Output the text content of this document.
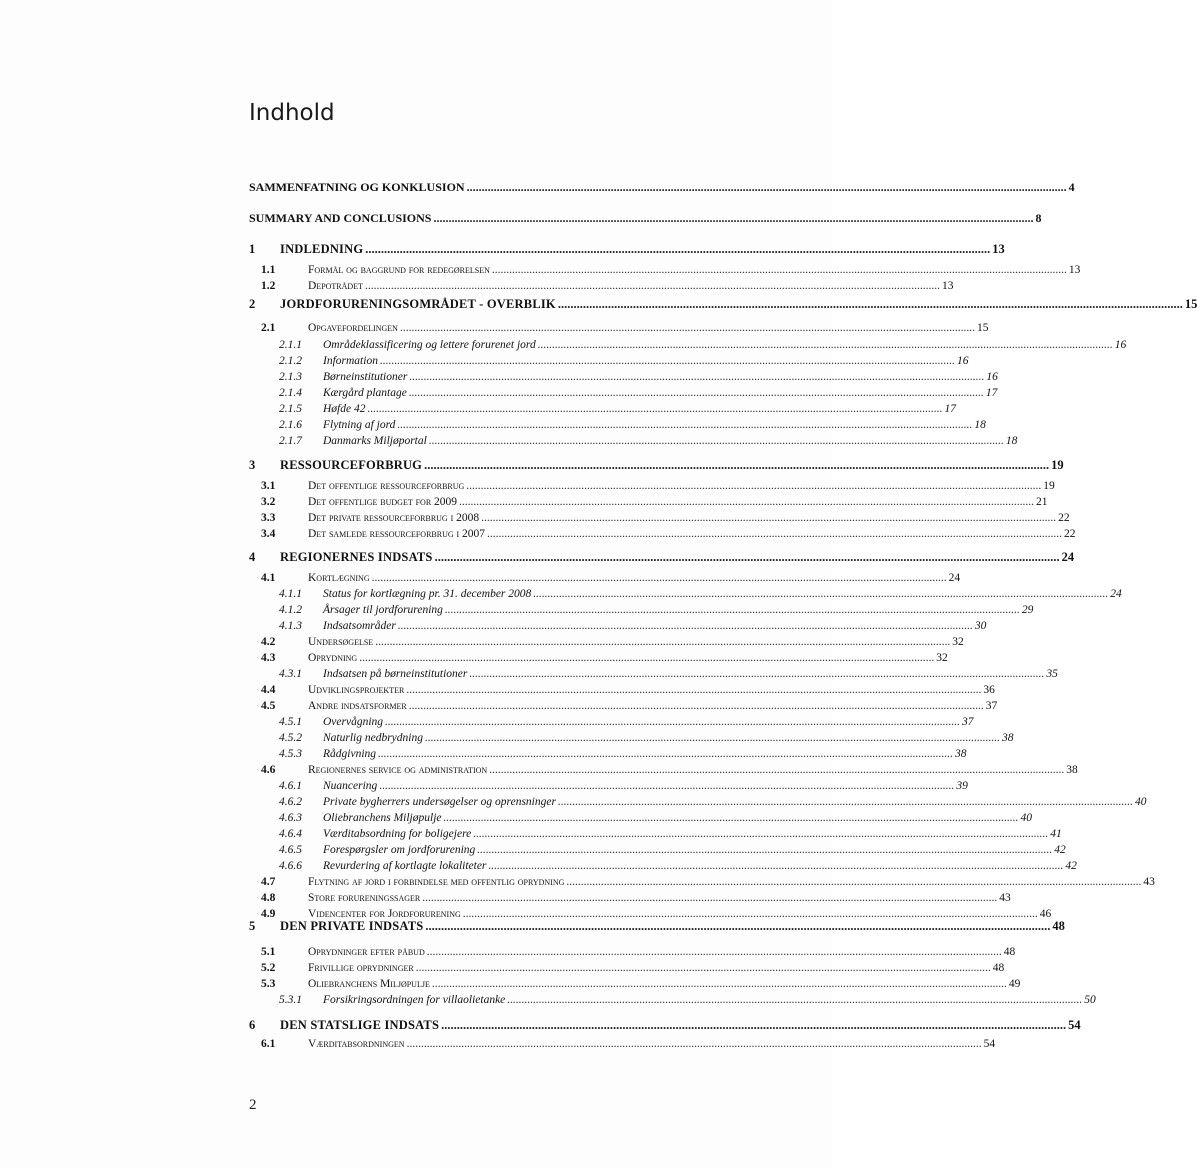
Indhold
SAMMENFATNING OG KONKLUSION ........................................................................................................................................................................................................ 4
SUMMARY AND CONCLUSIONS ........................................................................................................................................................................................................ 8
1	INDLEDNING ........................................................................................................................................................................................................ 13
1.1	Formål og baggrund for redegørelsen ........................................................................................................................................................................................................ 13
1.2	Depotrådet ........................................................................................................................................................................................................ 13
2	JORDFORURENINGSOMRÅDET - OVERBLIK ........................................................................................................................................................................................................ 15
2.1	Opgavefordelingen ........................................................................................................................................................................................................ 15
2.1.1	Områdeklassificering og lettere forurenet jord ........................................................................................................................................................................................................ 16
2.1.2	Information ........................................................................................................................................................................................................ 16
2.1.3	Børneinstitutioner ........................................................................................................................................................................................................ 16
2.1.4	Kærgård plantage ........................................................................................................................................................................................................ 17
2.1.5	Høfde 42 ........................................................................................................................................................................................................ 17
2.1.6	Flytning af jord ........................................................................................................................................................................................................ 18
2.1.7	Danmarks Miljøportal ........................................................................................................................................................................................................ 18
3	RESSOURCEFORBRUG ........................................................................................................................................................................................................ 19
3.1	Det offentlige ressourceforbrug ........................................................................................................................................................................................................ 19
3.2	Det offentlige budget for 2009 ........................................................................................................................................................................................................ 21
3.3	Det private ressourceforbrug i 2008 ........................................................................................................................................................................................................ 22
3.4	Det samlede ressourceforbrug i 2007 ........................................................................................................................................................................................................ 22
4	REGIONERNES INDSATS ........................................................................................................................................................................................................ 24
4.1	Kortlægning ........................................................................................................................................................................................................ 24
4.1.1	Status for kortlægning pr. 31. december 2008 ........................................................................................................................................................................................................ 24
4.1.2	Årsager til jordforurening ........................................................................................................................................................................................................ 29
4.1.3	Indsatsområder ........................................................................................................................................................................................................ 30
4.2	Undersøgelse ........................................................................................................................................................................................................ 32
4.3	Oprydning ........................................................................................................................................................................................................ 32
4.3.1	Indsatsen på børneinstitutioner ........................................................................................................................................................................................................ 35
4.4	Udviklingsprojekter ........................................................................................................................................................................................................ 36
4.5	Andre indsatsformer ........................................................................................................................................................................................................ 37
4.5.1	Overvågning ........................................................................................................................................................................................................ 37
4.5.2	Naturlig nedbrydning ........................................................................................................................................................................................................ 38
4.5.3	Rådgivning ........................................................................................................................................................................................................ 38
4.6	Regionernes service og administration ........................................................................................................................................................................................................ 38
4.6.1	Nuancering ........................................................................................................................................................................................................ 39
4.6.2	Private bygherrers undersøgelser og oprensninger ........................................................................................................................................................................................................ 40
4.6.3	Oliebranchens Miljøpulje ........................................................................................................................................................................................................ 40
4.6.4	Værditabsordning for boligejere ........................................................................................................................................................................................................ 41
4.6.5	Forespørgsler om jordforurening ........................................................................................................................................................................................................ 42
4.6.6	Revurdering af kortlagte lokaliteter ........................................................................................................................................................................................................ 42
4.7	Flytning af jord i forbindelse med offentlig oprydning ........................................................................................................................................................................................................ 43
4.8	Store forureningssager ........................................................................................................................................................................................................ 43
4.9	Videncenter for Jordforurening ........................................................................................................................................................................................................ 46
5	DEN PRIVATE INDSATS ........................................................................................................................................................................................................ 48
5.1	Oprydninger efter påbud ........................................................................................................................................................................................................ 48
5.2	Frivillige oprydninger ........................................................................................................................................................................................................ 48
5.3	Oliebranchens Miljøpulje ........................................................................................................................................................................................................ 49
5.3.1	Forsikringsordningen for villaolietanke ........................................................................................................................................................................................................ 50
6	DEN STATSLIGE INDSATS ........................................................................................................................................................................................................ 54
6.1	Værditabsordningen ........................................................................................................................................................................................................ 54
2
